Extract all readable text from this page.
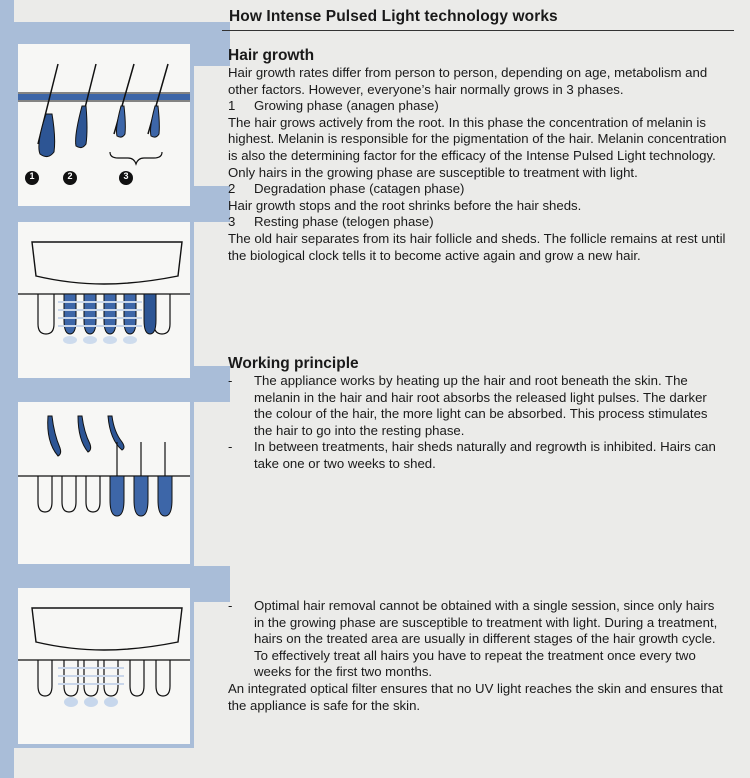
1	2	3
How Intense Pulsed Light technology works
Hair growth
Hair growth rates differ from person to person, depending on age, metabolism and other factors. However, everyone’s hair normally grows in 3 phases.
1 Growing phase (anagen phase)
The hair grows actively from the root. In this phase the concentration of melanin is highest. Melanin is responsible for the pigmentation of the hair. Melanin concentration is also the determining factor for the efficacy of the Intense Pulsed Light technology. Only hairs in the growing phase are susceptible to treatment with light.
2 Degradation phase (catagen phase)
Hair growth stops and the root shrinks before the hair sheds.
3 Resting phase (telogen phase)
The old hair separates from its hair follicle and sheds. The follicle remains at rest until the biological clock tells it to become active again and grow a new hair.
Working principle
-	The appliance works by heating up the hair and root beneath the skin. The melanin in the hair and hair root absorbs the released light pulses. The darker the colour of the hair, the more light can be absorbed. This process stimulates the hair to go into the resting phase.
-	In between treatments, hair sheds naturally and regrowth is inhibited. Hairs can take one or two weeks to shed.
-	Optimal hair removal cannot be obtained with a single session, since only hairs in the growing phase are susceptible to treatment with light. During a treatment, hairs on the treated area are usually in different stages of the hair growth cycle. To effectively treat all hairs you have to repeat the treatment once every two weeks for the first two months.
An integrated optical filter ensures that no UV light reaches the skin and ensures that the appliance is safe for the skin.
